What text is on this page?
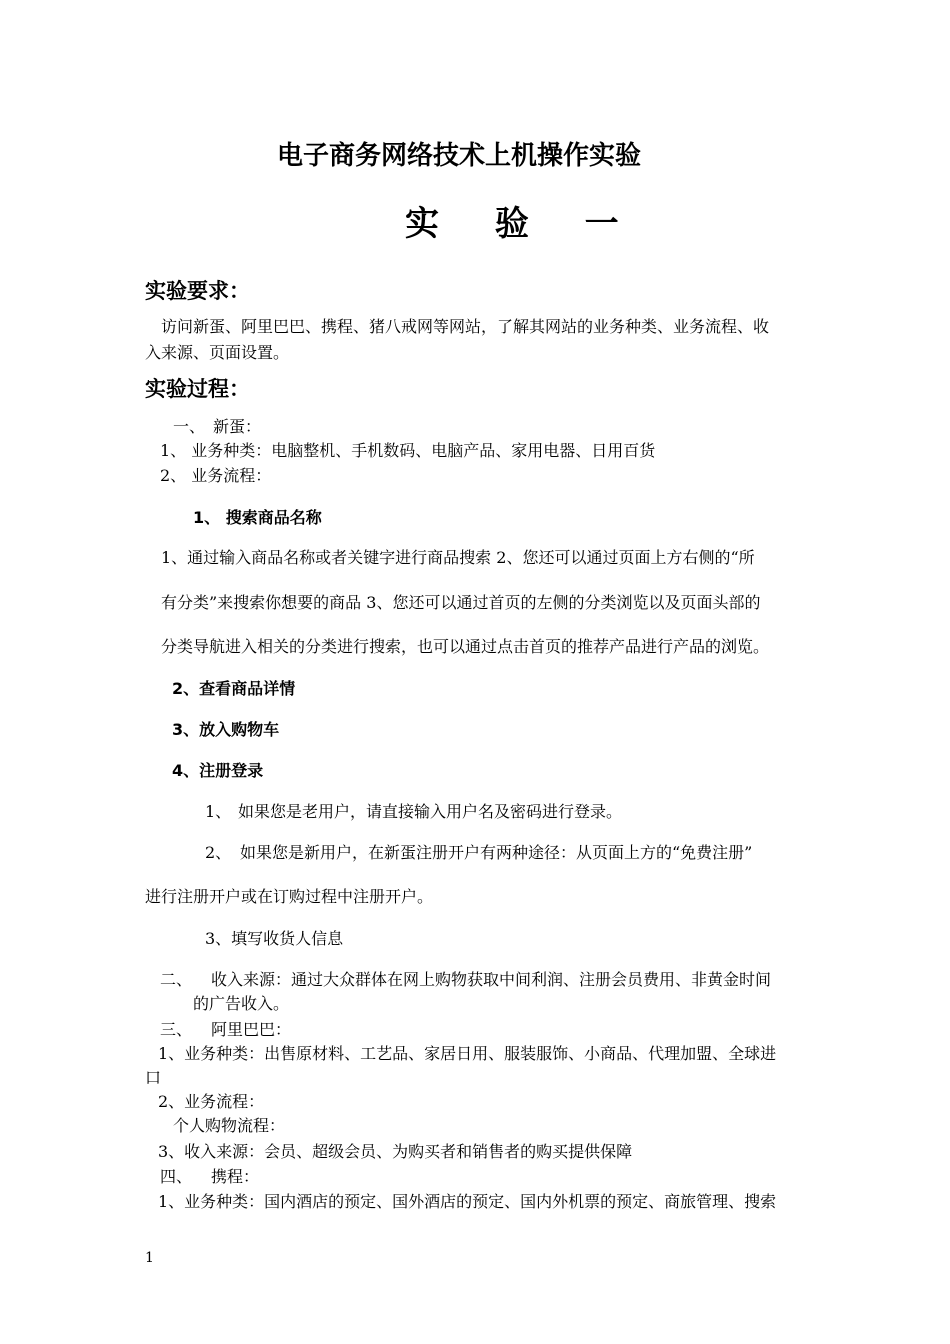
电子商务网络技术上机操作实验
实 验 一
实验要求：
访问新蛋、阿里巴巴、携程、猪八戒网等网站，了解其网站的业务种类、业务流程、收
入来源、页面设置。
实验过程：
一、 新蛋：
1、 业务种类：电脑整机、手机数码、电脑产品、家用电器、日用百货
2、 业务流程：
1、 搜索商品名称
1、通过输入商品名称或者关键字进行商品搜索 2、您还可以通过页面上方右侧的“所
有分类”来搜索你想要的商品 3、您还可以通过首页的左侧的分类浏览以及页面头部的
分类导航进入相关的分类进行搜索，也可以通过点击首页的推荐产品进行产品的浏览。
2、查看商品详情
3、放入购物车
4、注册登录
1、 如果您是老用户，请直接输入用户名及密码进行登录。
2、 如果您是新用户，在新蛋注册开户有两种途径：从页面上方的“免费注册”
进行注册开户或在订购过程中注册开户。
3、填写收货人信息
二、 收入来源：通过大众群体在网上购物获取中间利润、注册会员费用、非黄金时间
的广告收入。
三、 阿里巴巴：
1、业务种类：出售原材料、工艺品、家居日用、服装服饰、小商品、代理加盟、全球进
口
2、业务流程：
个人购物流程：
3、收入来源：会员、超级会员、为购买者和销售者的购买提供保障
四、 携程：
1、业务种类：国内酒店的预定、国外酒店的预定、国内外机票的预定、商旅管理、搜索
1
